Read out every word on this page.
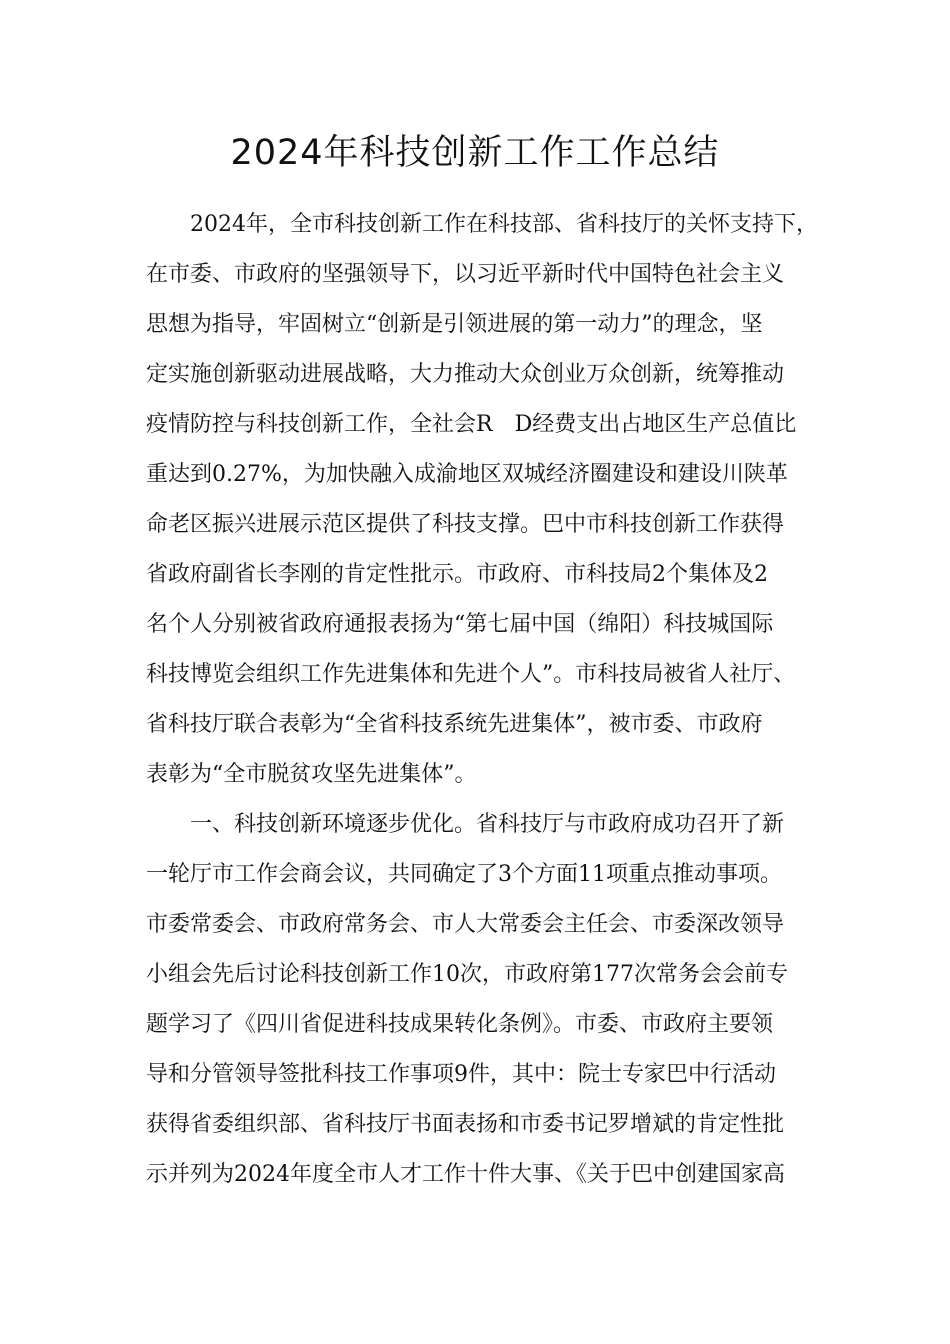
2024年科技创新工作工作总结
2024年，全市科技创新工作在科技部、省科技厅的关怀支持下，
在市委、市政府的坚强领导下，以习近平新时代中国特色社会主义
思想为指导，牢固树立“创新是引领进展的第一动力”的理念，坚
定实施创新驱动进展战略，大力推动大众创业万众创新，统筹推动
疫情防控与科技创新工作，全社会R　D经费支出占地区生产总值比
重达到0.27%，为加快融入成渝地区双城经济圈建设和建设川陕革
命老区振兴进展示范区提供了科技支撑。巴中市科技创新工作获得
省政府副省长李刚的肯定性批示。市政府、市科技局2个集体及2
名个人分别被省政府通报表扬为“第七届中国（绵阳）科技城国际
科技博览会组织工作先进集体和先进个人”。市科技局被省人社厅、
省科技厅联合表彰为“全省科技系统先进集体”，被市委、市政府
表彰为“全市脱贫攻坚先进集体”。
一、科技创新环境逐步优化。省科技厅与市政府成功召开了新
一轮厅市工作会商会议，共同确定了3个方面11项重点推动事项。
市委常委会、市政府常务会、市人大常委会主任会、市委深改领导
小组会先后讨论科技创新工作10次，市政府第177次常务会会前专
题学习了《四川省促进科技成果转化条例》。市委、市政府主要领
导和分管领导签批科技工作事项9件，其中：院士专家巴中行活动
获得省委组织部、省科技厅书面表扬和市委书记罗增斌的肯定性批
示并列为2024年度全市人才工作十件大事、《关于巴中创建国家高
